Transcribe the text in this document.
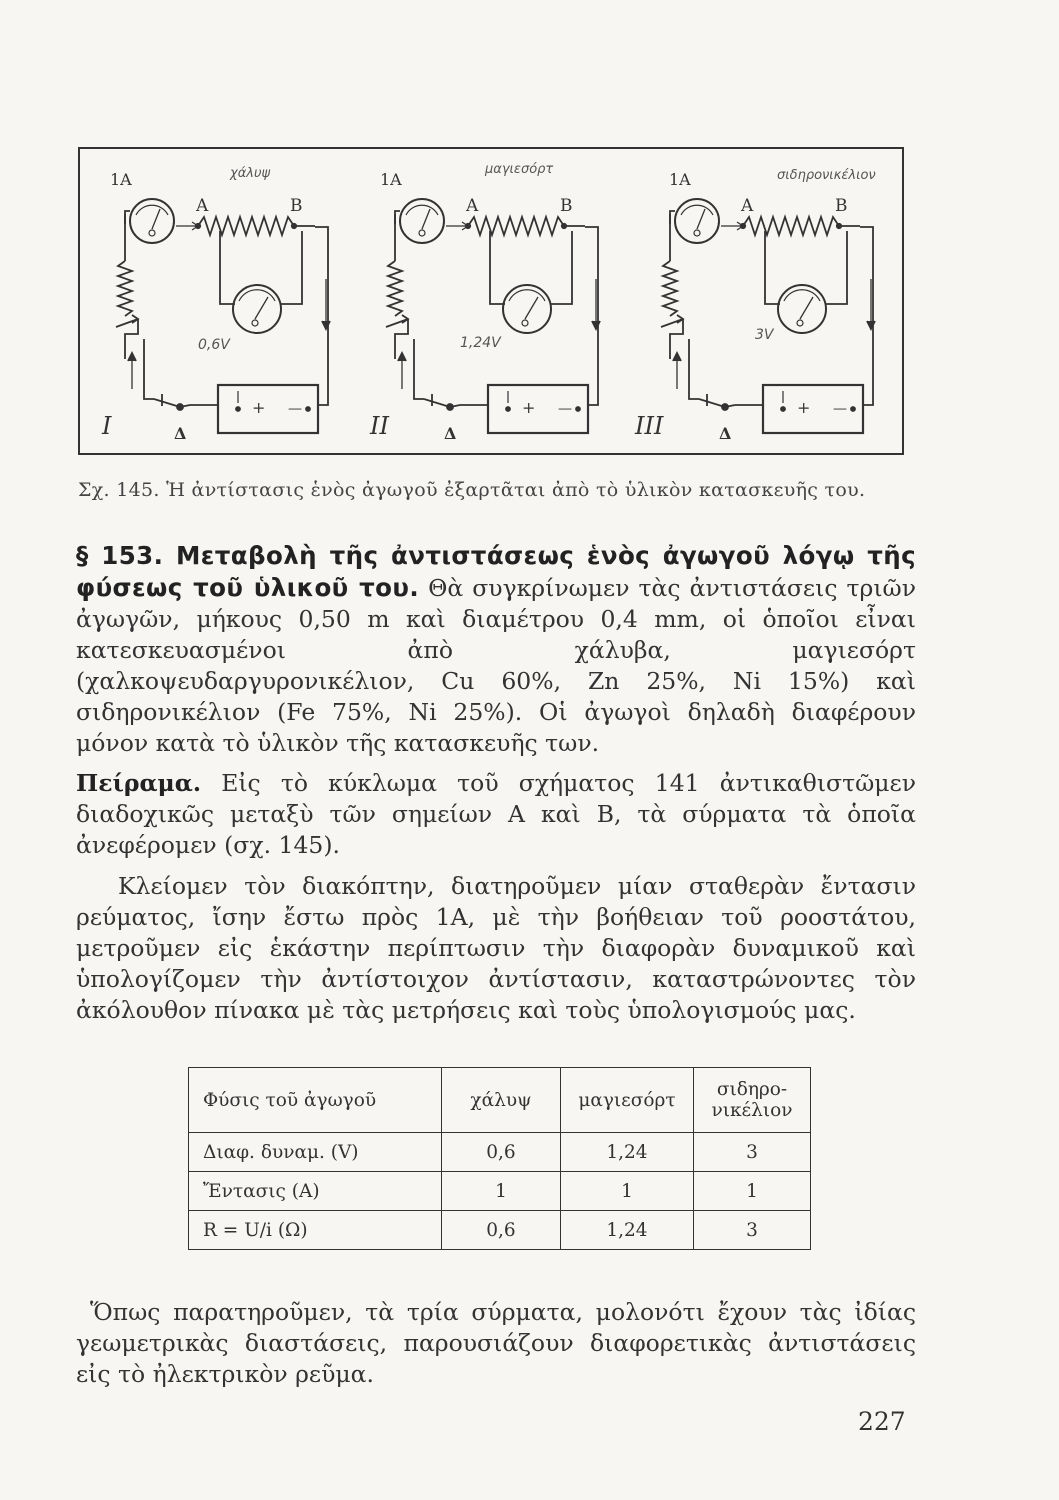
1A	χάλυψ
A	B
0,6V
I	Δ
+ —
1A
μαγιεσόρτ
A	B
1,24V
II	Δ
+ —
1A	σιδηρονικέλιον
A	B
3V
III	Δ
+ —
Σχ. 145. Ἡ ἀντίστασις ἑνὸς ἀγωγοῦ ἐξαρτᾶται ἀπὸ τὸ ὑλικὸν κατασκευῆς του.
§ 153. Μεταβολὴ τῆς ἀντιστάσεως ἑνὸς ἀγωγοῦ λόγῳ τῆς φύσεως τοῦ ὑλικοῦ του. Θὰ συγκρίνωμεν τὰς ἀντιστάσεις τριῶν ἀγωγῶν, μήκους 0,50 m καὶ διαμέτρου 0,4 mm, οἱ ὁποῖοι εἶναι κατεσκευασμένοι ἀπὸ χάλυβα, μαγιεσόρτ (χαλκοψευδαργυρονικέλιον, Cu 60%, Zn 25%, Ni 15%) καὶ σιδηρονικέλιον (Fe 75%, Ni 25%). Οἱ ἀγωγοὶ δηλαδὴ διαφέρουν μόνον κατὰ τὸ ὑλικὸν τῆς κατασκευῆς των.
Πείραμα. Εἰς τὸ κύκλωμα τοῦ σχήματος 141 ἀντικαθιστῶμεν διαδοχικῶς μεταξὺ τῶν σημείων A καὶ B, τὰ σύρματα τὰ ὁποῖα ἀνεφέρομεν (σχ. 145).
Κλείομεν τὸν διακόπτην, διατηροῦμεν μίαν σταθερὰν ἔντασιν ρεύματος, ἴσην ἔστω πρὸς 1A, μὲ τὴν βοήθειαν τοῦ ροοστάτου, μετροῦμεν εἰς ἑκάστην περίπτωσιν τὴν διαφορὰν δυναμικοῦ καὶ ὑπολογίζομεν τὴν ἀντίστοιχον ἀντίστασιν, καταστρώνοντες τὸν ἀκόλουθον πίνακα μὲ τὰς μετρήσεις καὶ τοὺς ὑπολογισμούς μας.
Φύσις τοῦ ἀγωγοῦ	χάλυψ	μαγιεσόρτ	σιδηρο-
νικέλιον

Διαφ. δυναμ. (V)	0,6	1,24	3
Ἔντασις (A)	1	1	1
R = U/i (Ω)	0,6	1,24	3
Ὅπως παρατηροῦμεν, τὰ τρία σύρματα, μολονότι ἔχουν τὰς ἰδίας γεωμετρικὰς διαστάσεις, παρουσιάζουν διαφορετικὰς ἀντιστάσεις εἰς τὸ ἠλεκτρικὸν ρεῦμα.
227
